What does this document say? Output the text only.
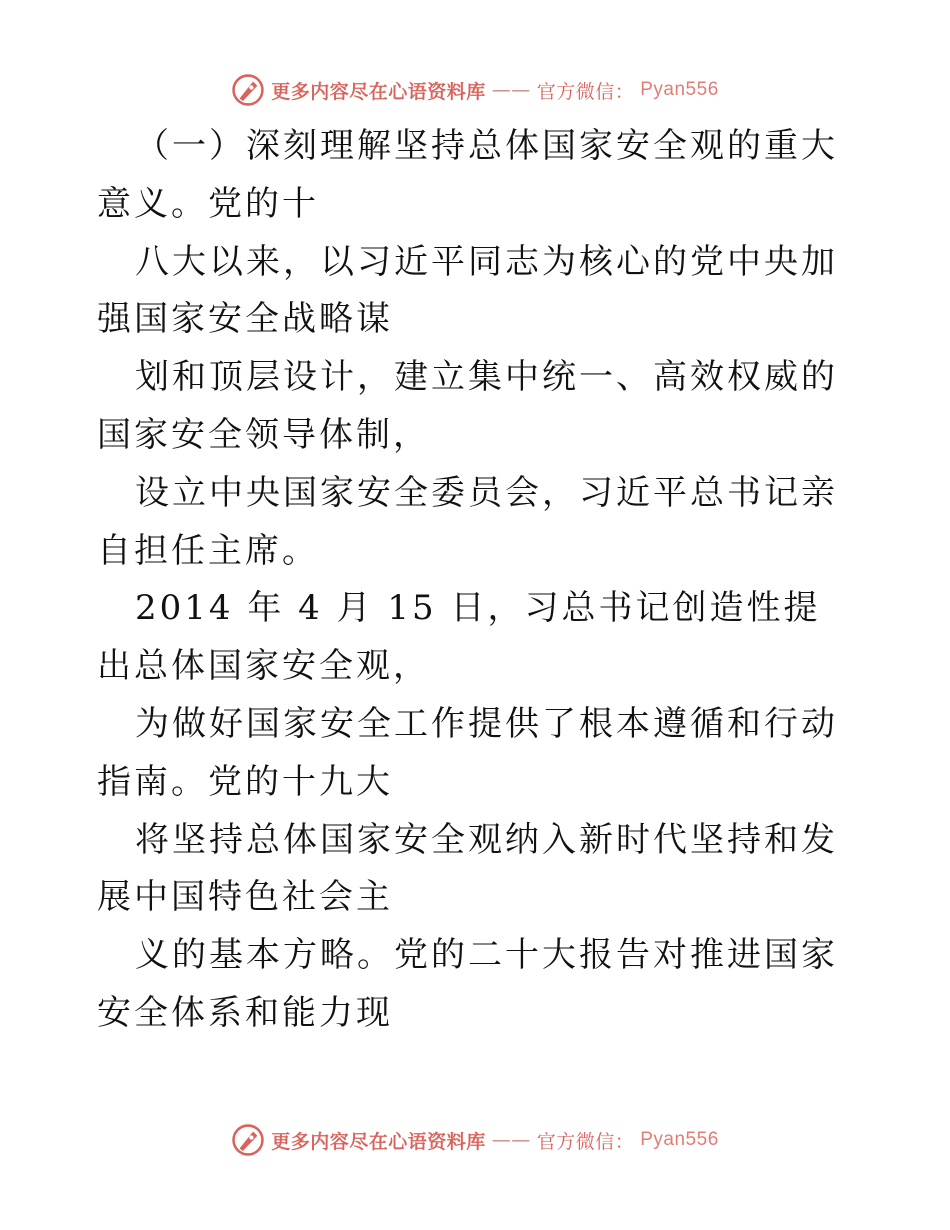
更多内容尽在心语资料库 —— 官方微信： Pyan556

（一）深刻理解坚持总体国家安全观的重大意义。党的十

八大以来，以习近平同志为核心的党中央加强国家安全战略谋

划和顶层设计，建立集中统一、高效权威的国家安全领导体制，

设立中央国家安全委员会，习近平总书记亲自担任主席。

2014 年 4 月 15 日，习总书记创造性提出总体国家安全观，

为做好国家安全工作提供了根本遵循和行动指南。党的十九大

将坚持总体国家安全观纳入新时代坚持和发展中国特色社会主

义的基本方略。党的二十大报告对推进国家安全体系和能力现

更多内容尽在心语资料库 —— 官方微信： Pyan556
